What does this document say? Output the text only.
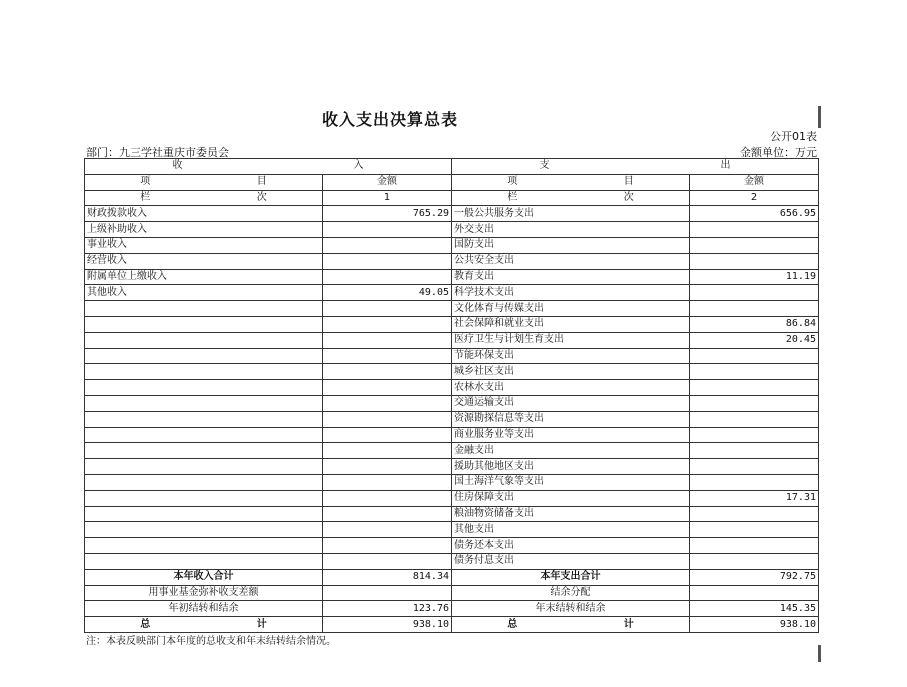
收入支出决算总表
公开01表
部门：九三学社重庆市委员会	金额单位：万元
收 入		支 出	

项 目	金额	项 目	金额

栏 次	1	栏 次	2
财政拨款收入	765.29	一般公共服务支出	656.95
上级补助收入		外交支出	
事业收入		国防支出	
经营收入		公共安全支出	
附属单位上缴收入		教育支出	11.19
其他收入	49.05	科学技术支出	
		文化体育与传媒支出	
		社会保障和就业支出	86.84
		医疗卫生与计划生育支出	20.45
		节能环保支出	
		城乡社区支出	
		农林水支出	
		交通运输支出	
		资源勘探信息等支出	
		商业服务业等支出	
		金融支出	
		援助其他地区支出	
		国土海洋气象等支出	
		住房保障支出	17.31
		粮油物资储备支出	
		其他支出	
		债务还本支出	
		债务付息支出	
本年收入合计	814.34	本年支出合计	792.75
用事业基金弥补收支差额		结余分配	
年初结转和结余	123.76	年末结转和结余	145.35

总 计	938.10	总 计	938.10
注：本表反映部门本年度的总收支和年末结转结余情况。
